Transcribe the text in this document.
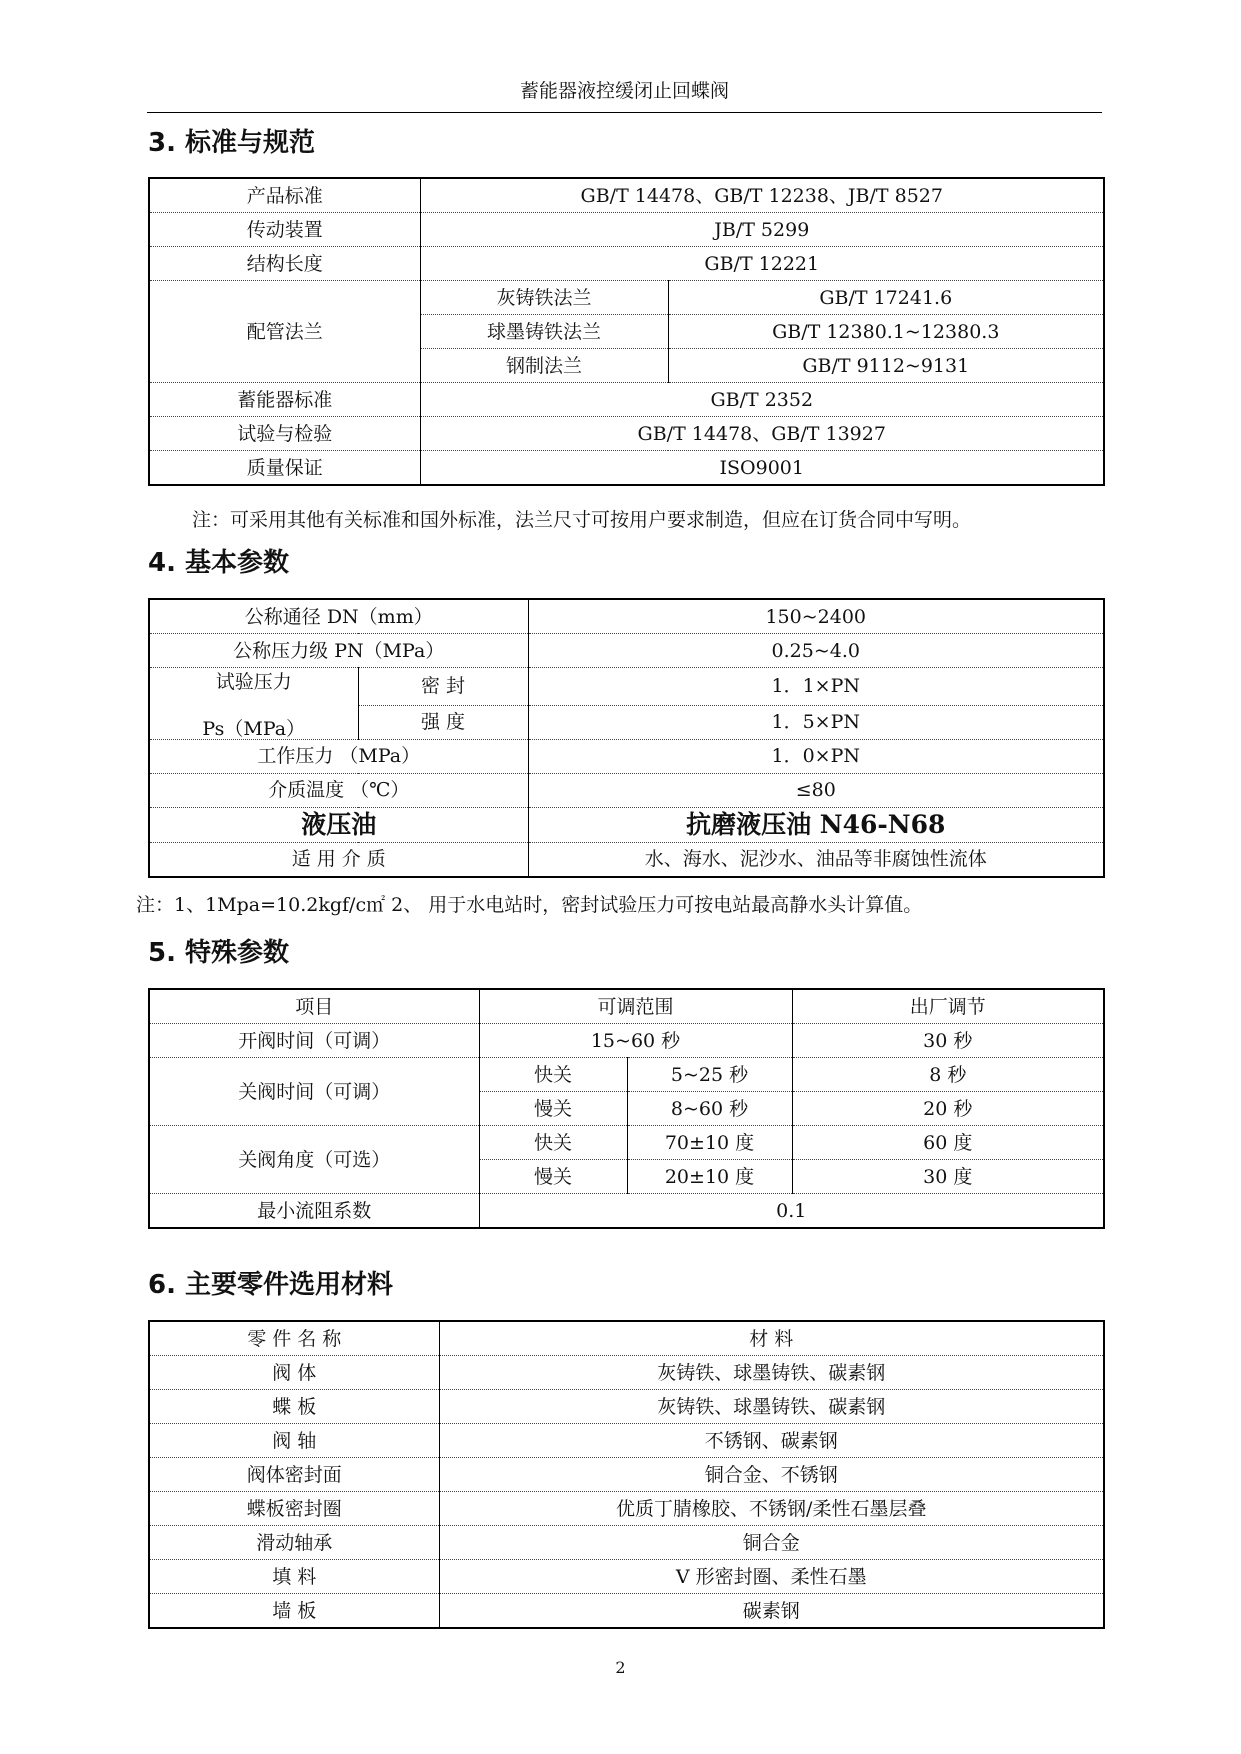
蓄能器液控缓闭止回蝶阀
3. 标准与规范
产品标准	GB/T 14478、GB/T 12238、JB/T 8527	
传动装置	JB/T 5299	
结构长度	GB/T 12221	
配管法兰	灰铸铁法兰	GB/T 17241.6
	球墨铸铁法兰	GB/T 12380.1~12380.3
	钢制法兰	GB/T 9112~9131
蓄能器标准	GB/T 2352	
试验与检验	GB/T 14478、GB/T 13927	
质量保证	ISO9001	
注：可采用其他有关标准和国外标准，法兰尺寸可按用户要求制造，但应在订货合同中写明。
4. 基本参数
公称通径 DN（mm）		150~2400
公称压力级 PN（MPa）		0.25~4.0
试验压力	密 封	1．1×PN
Ps（MPa）	强 度	1．5×PN
工作压力 （MPa）		1．0×PN
介质温度 （℃）		≤80
液压油		抗磨液压油 N46-N68
适 用 介 质		水、海水、泥沙水、油品等非腐蚀性流体
注：1、1Mpa=10.2kgf/c㎡ 2、 用于水电站时，密封试验压力可按电站最高静水头计算值。
5. 特殊参数
项目	可调范围		出厂调节
开阀时间（可调）	15~60 秒		30 秒
关阀时间（可调）	快关	5~25 秒	8 秒
	慢关	8~60 秒	20 秒
关阀角度（可选）	快关	70±10 度	60 度
	慢关	20±10 度	30 度
最小流阻系数	0.1		
6. 主要零件选用材料
零 件 名 称	材 料
阀 体	灰铸铁、球墨铸铁、碳素钢
蝶 板	灰铸铁、球墨铸铁、碳素钢
阀 轴	不锈钢、碳素钢
阀体密封面	铜合金、不锈钢
蝶板密封圈	优质丁腈橡胶、不锈钢/柔性石墨层叠
滑动轴承	铜合金
填 料	V 形密封圈、柔性石墨
墙 板	碳素钢
2
